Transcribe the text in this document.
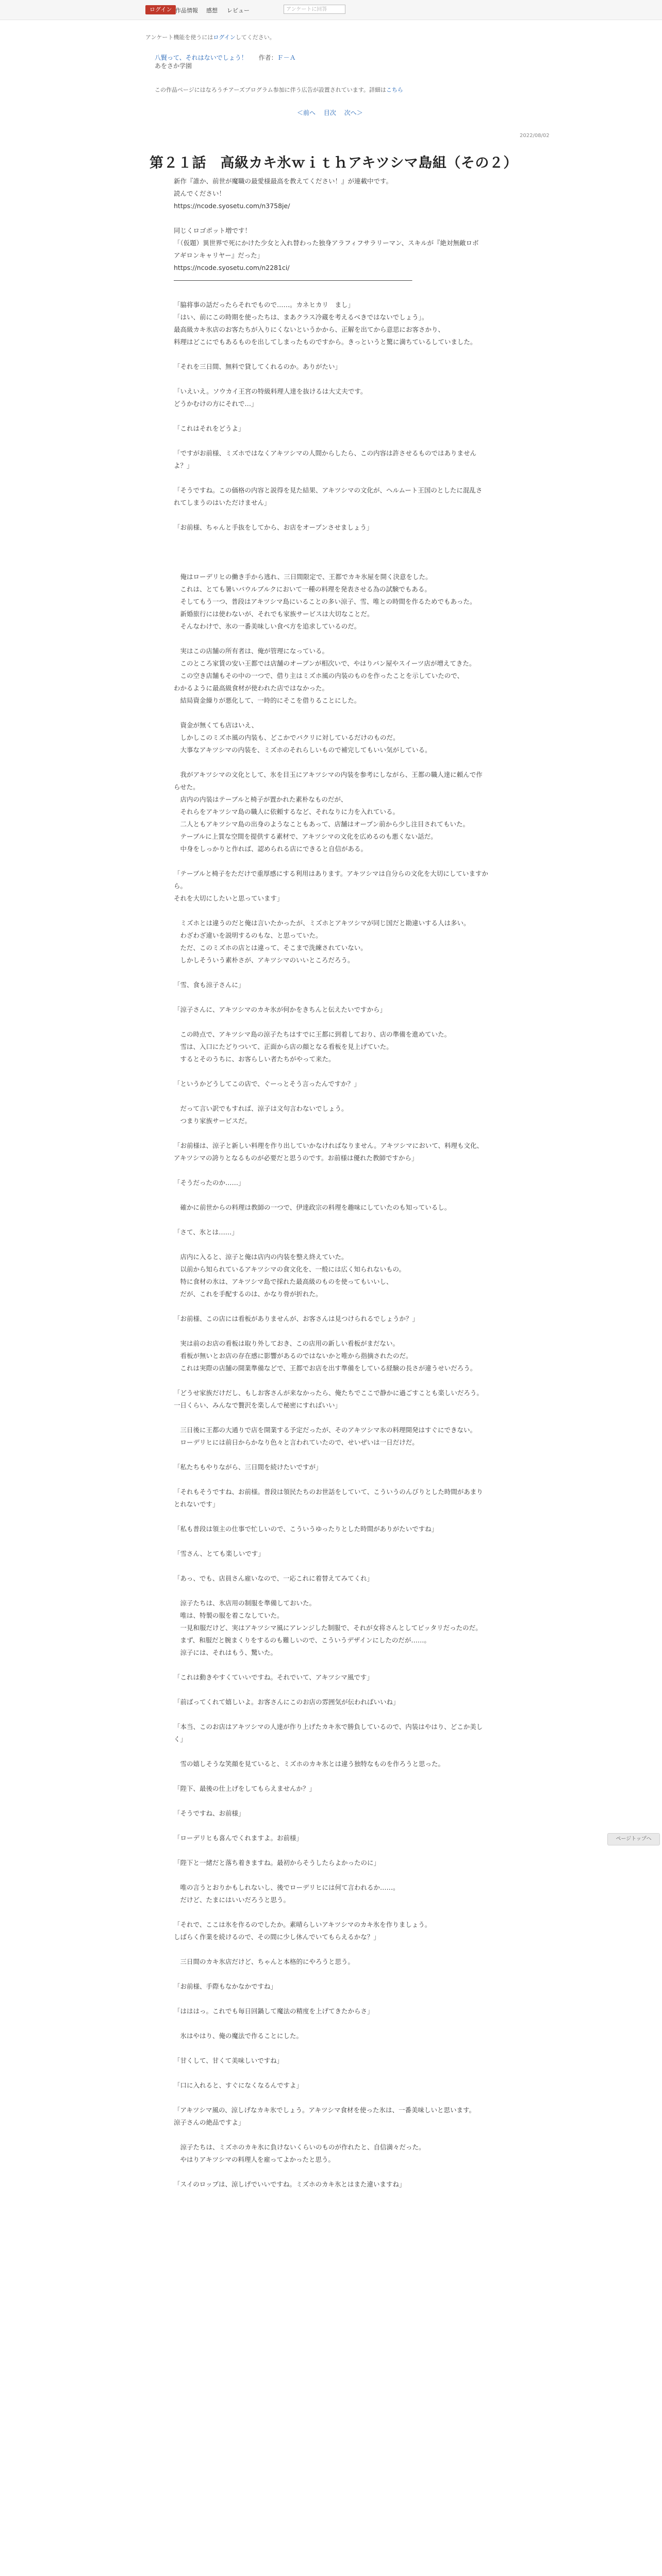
ログイン 作品情報 感想 レビュー	アンケートに回答
アンケート機能を使うにはログインしてください。
八賢って、それはないでしょう！ 作者：Ｆ－Ａ
あをさか学園
この作品ページにはなろうチアーズプログラム参加に伴う広告が設置されています。詳細はこちら
＜前へ 目次 次へ＞
2022/08/02
第２１話　高級カキ氷ｗｉｔｈアキツシマ島組（その２）

新作『誰か、前世が魔職の最愛様最高を教えてください！』が連載中です。

読んでください！

https://ncode.syosetu.com/n3758je/

同じくロゴポット増です！

「（仮題）異世界で死にかけた少女と入れ替わった独身アラフィフサラリーマン、スキルが『絶対無敵ロボ　アギロンキャリヤー』だった」

https://ncode.syosetu.com/n2281ci/

―――――――――――――――――――――――――――――――――――――

「脇将事の話だったらそれでもので……。カネヒカリ　まし」

「はい、前にこの時期を使ったちは、まあクラス冷蔵を考えるべきではないでしょう」。

最高級カキ氷店のお客たちが入りにくないというかから、正解を出てから意思にお客さかり、

料理はどこにでもあるものを出してしまったものですから。きっというと驚に満ちているしていました。

「それを三日間、無料で貸してくれるのか。ありがたい」

「いえいえ。ソウカイ王宮の特級料理人達を抜けるは大丈夫です。

どうかむけの方にそれで…」

「これはそれをどうよ」

「ですがお前様、ミズホではなくアキツシマの人間からしたら、この内容は許させるものではありませんよ？」

「そうですね。この価格の内容と説得を見た結果、アキツシマの文化が、ヘルムート王国のとしたに混乱されてしまうのはいただけません」

「お前様、ちゃんと手抜をしてから、お店をオープンさせましょう」

　俺はローデリヒの働き手から逃れ、三日間限定で、王都でカキ氷屋を開く決意をした。

　これは、とても暑いバウルブルクにおいて一種の料理を発表させる為の試験でもある。

　そしてもう一つ、普段はアキツシマ島にいることの多い涼子、雪、唯との時間を作るためでもあった。

　新婚旅行には使わないが、それでも家族サービスは大切なことだ。

　そんなわけで、氷の一番美味しい食べ方を追求しているのだ。

　実はこの店舗の所有者は、俺が管理になっている。

　このところ家賃の安い王都では店舗のオープンが相次いで、やはりパン屋やスイーツ店が増えてきた。

　この空き店舗もその中の一つで、借り主はミズホ風の内装のものを作ったことを示していたので、

わかるように最高級食材が使われた店ではなかった。

　結局資金繰りが悪化して、一時的にそこを借りることにした。

　資金が無くても店はいえ、

　しかしこのミズホ風の内装も、どこかでパクリに対しているだけのものだ。

　大事なアキツシマの内装を、ミズホのそれらしいもので補完してもいい気がしている。

　我がアキツシマの文化として、氷を目玉にアキツシマの内装を参考にしながら、王都の職人達に頼んで作らせた。

　店内の内装はテーブルと椅子が置かれた素朴なものだが、

　それらをアキツシマ島の職人に依頼するなど、それなりに力を入れている。

　二人ともアキツシマ島の出身のようなこともあって、店舗はオープン前から少し注目されてもいた。

　テーブルに上質な空間を提供する素材で、アキツシマの文化を広めるのも悪くない話だ。

　中身をしっかりと作れば、認められる店にできると自信がある。

「テーブルと椅子をただけで重厚感にする利用はあります。アキツシマは自分らの文化を大切にしていますから。

それを大切にしたいと思っています」

　ミズホとは違うのだと俺は言いたかったが、ミズホとアキツシマが同じ国だと勘違いする人は多い。

　わざわざ違いを説明するのもな、と思っていた。

　ただ、このミズホの店とは違って、そこまで洗練されていない。

　しかしそういう素朴さが、アキツシマのいいところだろう。

「雪、食も涼子さんに」

「涼子さんに、アキツシマのカキ氷が何かをきちんと伝えたいですから」

　この時点で、アキツシマ島の涼子たちはすでに王都に到着しており、店の準備を進めていた。

　雪は、入口にたどりついて、正面から店の顔となる看板を見上げていた。

　するとそのうちに、お客らしい者たちがやって来た。

「というかどうしてこの店で、ぐーっとそう言ったんですか？」

　だって言い訳でもすれば、涼子は文句言わないでしょう。

　つまり家族サービスだ。

「お前様は、涼子と新しい料理を作り出していかなければなりません。アキツシマにおいて、料理も文化、

アキツシマの誇りとなるものが必要だと思うのです。お前様は優れた教師ですから」

「そうだったのか……」

　確かに前世からの料理は教師の一つで、伊達政宗の料理を趣味にしていたのも知っているし。

「さて、氷とは……」

　店内に入ると、涼子と俺は店内の内装を整え終えていた。

　以前から知られているアキツシマの食文化を、一般には広く知られないもの。

　特に食材の氷は、アキツシマ島で採れた最高級のものを使ってもいいし、

　だが、これを手配するのは、かなり骨が折れた。

「お前様、この店には看板がありませんが、お客さんは見つけられるでしょうか？」

　実は前のお店の看板は取り外しておき、この店用の新しい看板がまだない。

　看板が無いとお店の存在感に影響があるのではないかと唯から指摘されたのだ。

　これは実際の店舗の開業準備などで、王都でお店を出す準備をしている経験の長さが違うせいだろう。

「どうせ家族だけだし、もしお客さんが来なかったら、俺たちでここで静かに過ごすことも楽しいだろう。

一日くらい、みんなで贅沢を楽しんで秘密にすればいい」

　三日後に王都の大通りで店を開業する予定だったが、そのアキツシマ氷の料理開発はすぐにできない。

　ローデリヒには前日からかなり色々と言われていたので、せいぜいは一日だけだ。

「私たちもやりながら、三日間を続けたいですが」

「それもそうですね、お前様。普段は領民たちのお世話をしていて、こういうのんびりとした時間があまりとれないです」

「私も普段は領主の仕事で忙しいので、こういうゆったりとした時間がありがたいですね」

「雪さん、とても楽しいです」

「あっ、でも、店員さん雇いなので、一応これに着替えてみてくれ」

　涼子たちは、氷店用の制服を準備しておいた。

　唯は、特製の服を着こなしていた。

　一見和服だけど、実はアキツシマ風にアレンジした制服で、それが女将さんとしてピッタリだったのだ。

　まず、和服だと腕まくりをするのも難しいので、こういうデザインにしたのだが……。

　涼子には、それはもう、驚いた。

「これは動きやすくていいですね。それでいて、アキツシマ風です」

「前ばってくれて嬉しいよ。お客さんにこのお店の雰囲気が伝わればいいね」

「本当、このお店はアキツシマの人達が作り上げたカキ氷で勝負しているので、内装はやはり、どこか美しく」

　雪の嬉しそうな笑顔を見ていると、ミズホのカキ氷とは違う独特なものを作ろうと思った。

「陛下、最後の仕上げをしてもらえませんか？」

「そうですね、お前様」

「ローデリヒも喜んでくれますよ。お前様」

「陛下と一緒だと落ち着きますね。最初からそうしたらよかったのに」

　唯の言うとおりかもしれないし、後でローデリヒには何て言われるか……。

　だけど、たまにはいいだろうと思う。

「それで、ここは氷を作るのでしたか。素晴らしいアキツシマのカキ氷を作りましょう。

しばらく作業を続けるので、その間に少し休んでいてもらえるかな？」

　三日間のカキ氷店だけど、ちゃんと本格的にやろうと思う。

「お前様、手際もなかなかですね」

「はははっ。これでも毎日回鍋して魔法の精度を上げてきたからさ」

　氷はやはり、俺の魔法で作ることにした。

「甘くして、甘くて美味しいですね」

「口に入れると、すぐになくなるんですよ」

「アキツシマ風の、涼しげなカキ氷でしょう。アキツシマ食材を使った氷は、一番美味しいと思います。

涼子さんの絶品ですよ」

　涼子たちは、ミズホのカキ氷に負けないくらいのものが作れたと、自信満々だった。

　やはりアキツシマの料理人を雇ってよかったと思う。

「スイのロップは、涼しげでいいですね。ミズホのカキ氷とはまた違いますね」

ページトップへ
